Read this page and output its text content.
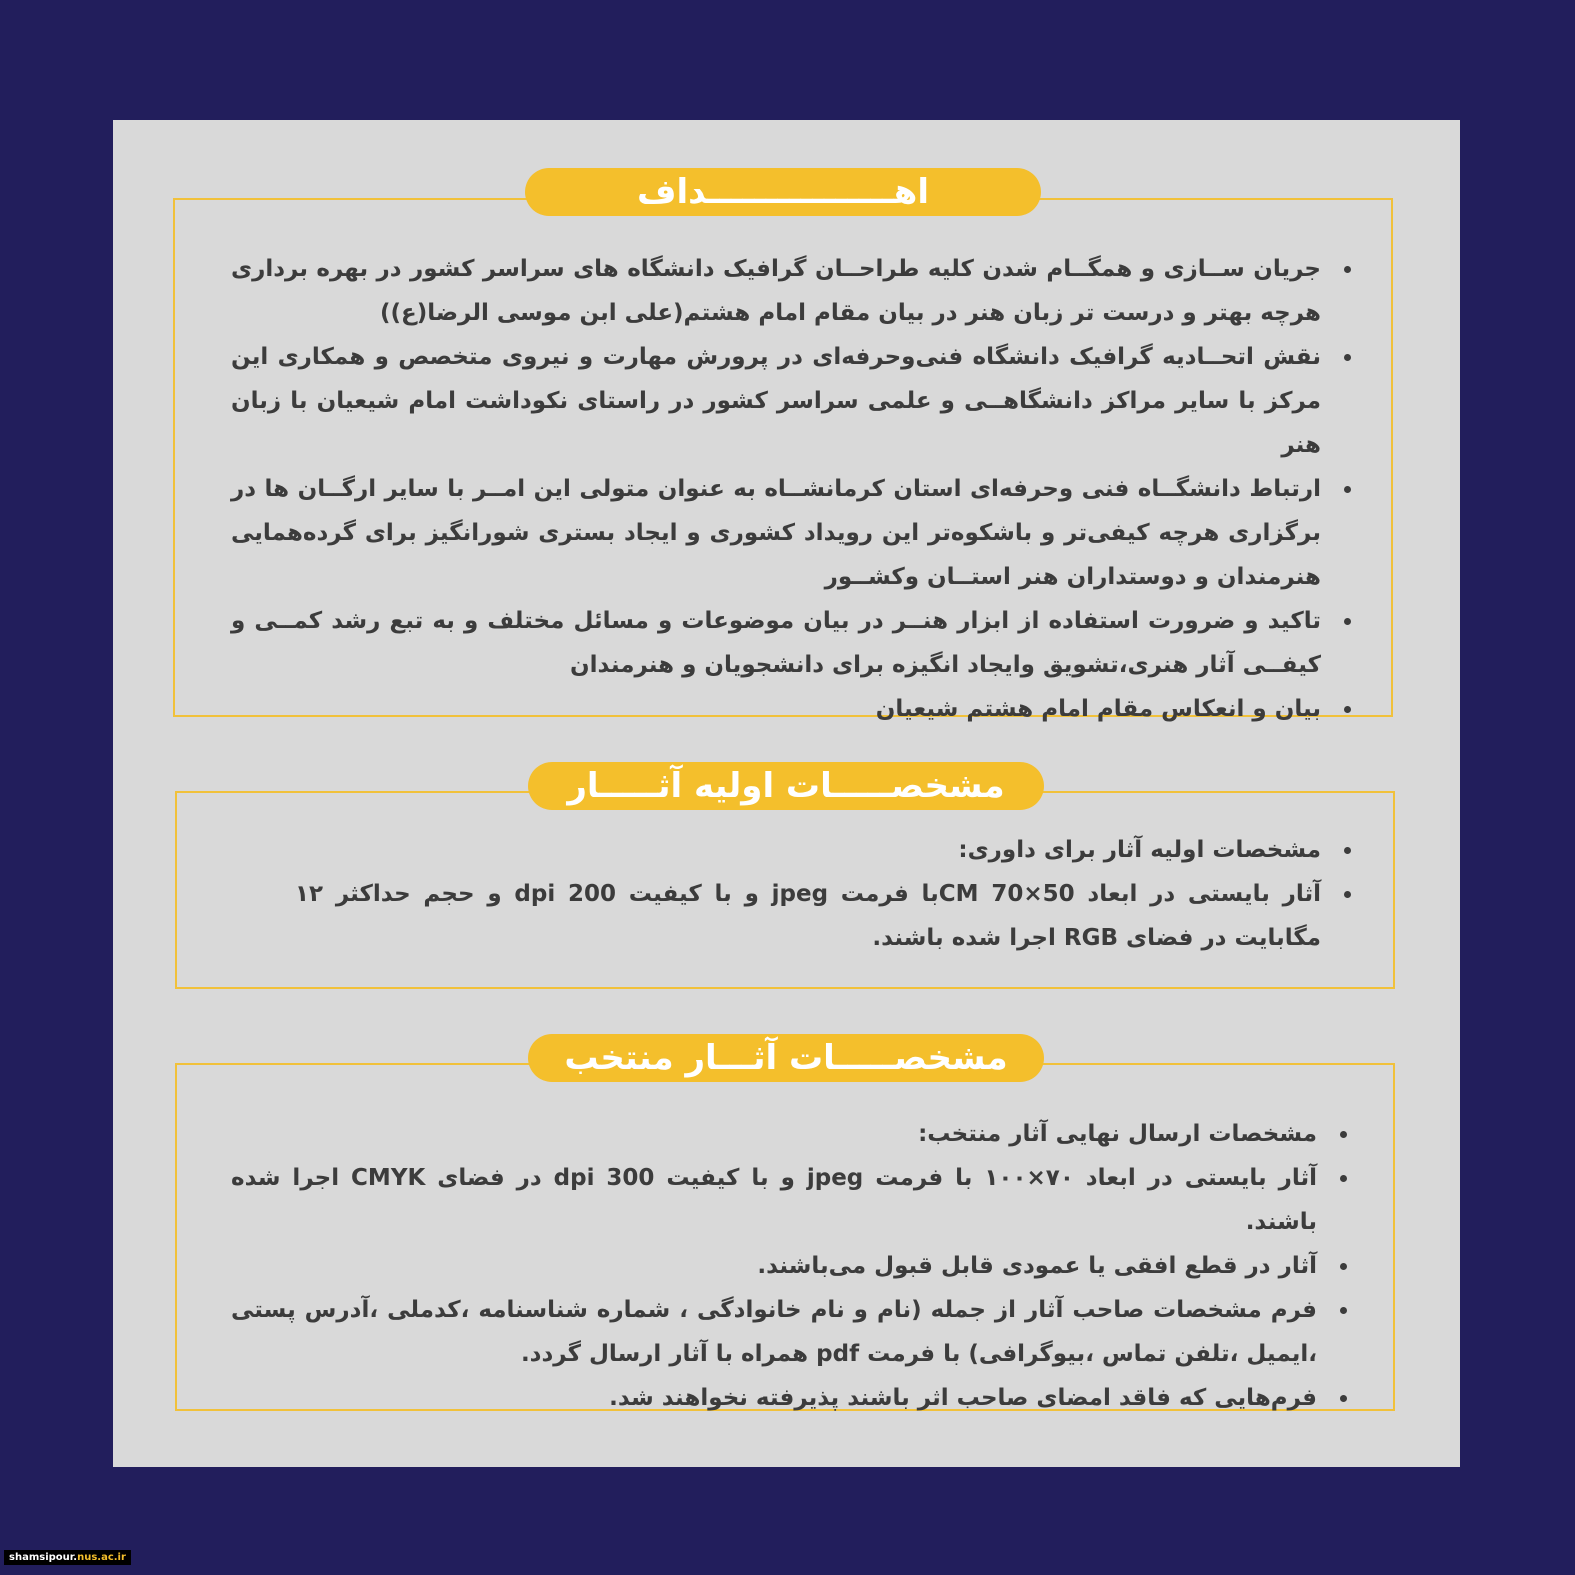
اهــــــــــــــــداف
جریان ســازی و همگــام شدن کلیه طراحــان گرافیک دانشگاه های سراسر کشور در بهره برداری هرچه بهتر و درست تر زبان هنر در بیان مقام امام هشتم(علی ابن موسی الرضا(ع))
نقش اتحــادیه گرافیک دانشگاه فنی‌وحرفه‌ای در پرورش مهارت و نیروی متخصص و همکاری این مرکز با سایر مراکز دانشگاهــی و علمی سراسر کشور در راستای نکوداشت امام شیعیان با زبان هنر
ارتباط دانشگــاه فنی وحرفه‌ای استان کرمانشــاه به عنوان متولی این امــر با سایر ارگــان ها در برگزاری هرچه کیفی‌تر و باشکوه‌تر این رویداد کشوری و ایجاد بستری شورانگیز برای گرده‌همایی هنرمندان و دوستداران هنر استــان وکشــور
تاکید و ضرورت استفاده از ابزار هنــر در بیان موضوعات و مسائل مختلف و به تبع رشد کمــی و کیفــی آثار هنری،تشویق وایجاد انگیزه برای دانشجویان و هنرمندان
بیان و انعکاس مقام امام هشتم شیعیان
مشخصـــــات اولیه آثـــــار
مشخصات اولیه آثار برای داوری:
آثار بایستی در ابعاد 50×70 CMبا فرمت jpeg و با کیفیت 200 dpi و حجم حداکثر ۱۲ مگابایت در فضای RGB اجرا شده باشند.
مشخصـــــات آثـــار منتخب
مشخصات ارسال نهایی آثار منتخب:
آثار بایستی در ابعاد ۷۰×۱۰۰ با فرمت jpeg و با کیفیت 300 dpi در فضای CMYK اجرا شده باشند.
آثار در قطع افقی یا عمودی قابل قبول می‌باشند.
فرم مشخصات صاحب آثار از جمله (نام و نام خانوادگی ، شماره شناسنامه ،کدملی ،آدرس پستی ،ایمیل ،تلفن تماس ،بیوگرافی) با فرمت pdf همراه با آثار ارسال گردد.
فرم‌هایی که فاقد امضای صاحب اثر باشند پذیرفته نخواهند شد.
shamsipour.nus.ac.ir
